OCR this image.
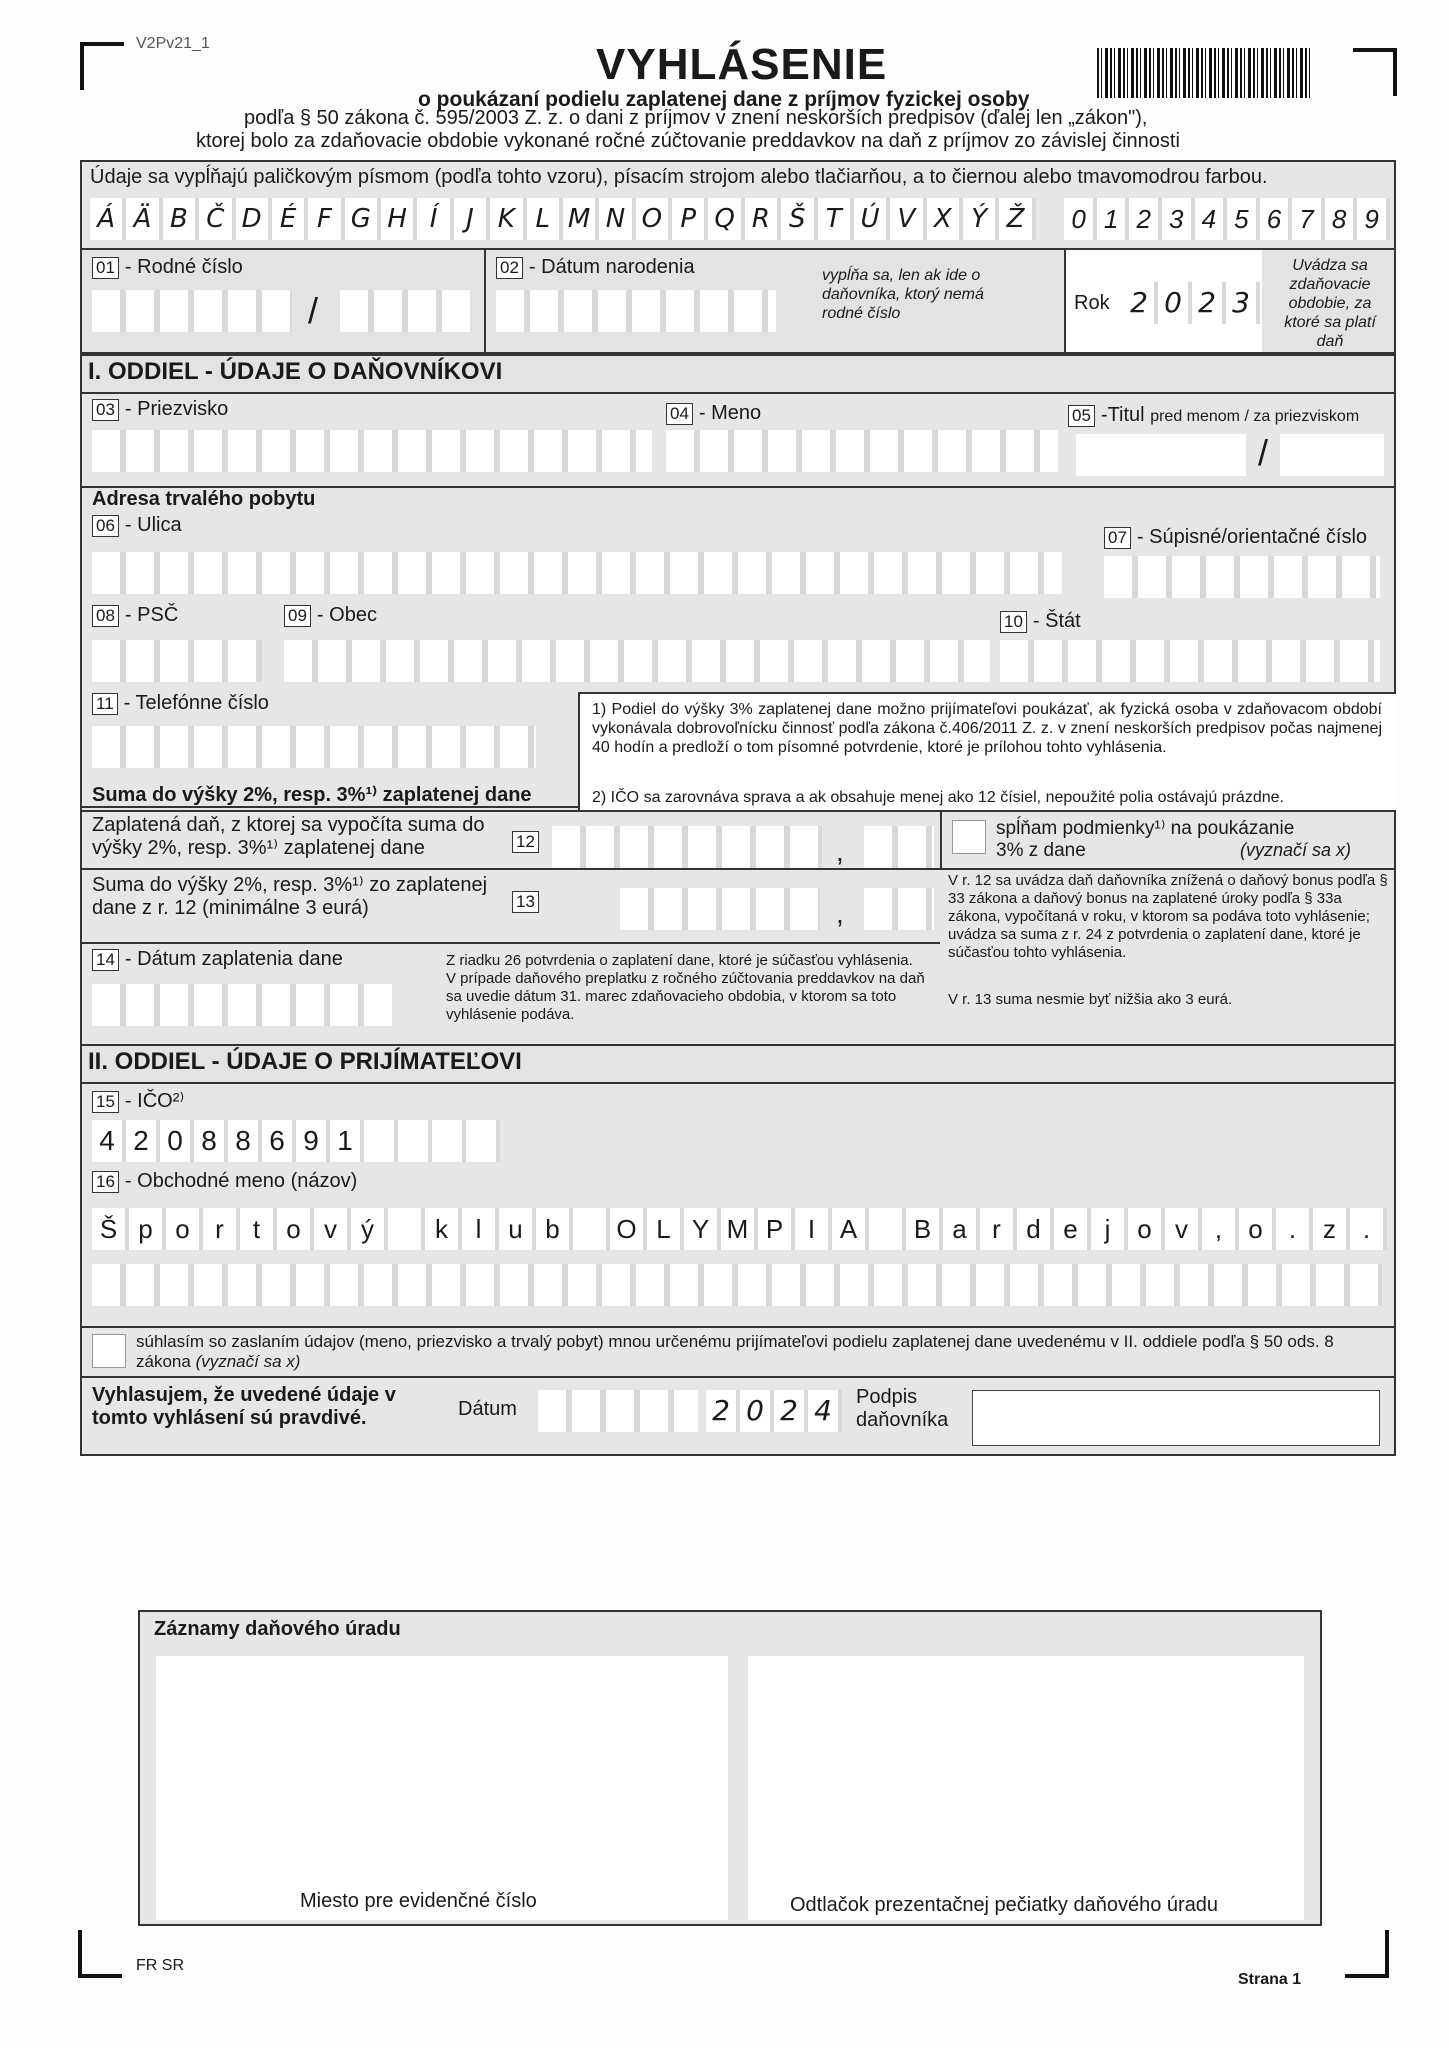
V2Pv21_1	VYHLÁSENIE
o poukázaní podielu zaplatenej dane z príjmov fyzickej osoby
podľa § 50 zákona č. 595/2003 Z. z. o dani z príjmov v znení neskorších predpisov (ďalej len „zákon"),
ktorej bolo za zdaňovacie obdobie vykonané ročné zúčtovanie preddavkov na daň z príjmov zo závislej činnosti
Údaje sa vypĺňajú paličkovým písmom (podľa tohto vzoru), písacím strojom alebo tlačiarňou, a to čiernou alebo tmavomodrou farbou.
Á Ä B Č D É F G H Í	J K L M N O P Q R Š T Ú V X Ý Ž	0 1 2 3 4 5 6 7 8 9
01 - Rodné číslo
/
02 - Dátum narodenia	vypĺňa sa, len ak ide o daňovníka, ktorý nemá rodné číslo	Rok 2 0 2 3
Uvádza sa zdaňovacie obdobie, za ktoré sa platí daň
I. ODDIEL - ÚDAJE O DAŇOVNÍKOVI
03 - Priezvisko	04 - Meno	05 -Titul pred menom / za priezviskom
/
Adresa trvalého pobytu
06 - Ulica
07 - Súpisné/orientačné číslo
08 - PSČ	09 - Obec	10 - Štát
11 - Telefónne číslo	1) Podiel do výšky 3% zaplatenej dane možno prijímateľovi poukázať, ak fyzická osoba v zdaňovacom období vykonávala dobrovoľnícku činnosť podľa zákona č.406/2011 Z. z. v znení neskorších predpisov počas najmenej 40 hodín a predloží o tom písomné potvrdenie, ktoré je prílohou tohto vyhlásenia.
2) IČO sa zarovnáva sprava a ak obsahuje menej ako 12 čísiel, nepoužité polia ostávajú prázdne.
Suma do výšky 2%, resp. 3%¹⁾ zaplatenej dane
Zaplatená daň, z ktorej sa vypočíta suma do výšky 2%, resp. 3%¹⁾ zaplatenej dane	12	,
spĺňam podmienky¹⁾ na poukázanie 3% z dane	(vyznačí sa x)
Suma do výšky 2%, resp. 3%¹⁾ zo zaplatenej dane z r. 12 (minimálne 3 eurá)	13	,
V r. 12 sa uvádza daň daňovníka znížená o daňový bonus podľa § 33 zákona a daňový bonus na zaplatené úroky podľa § 33a zákona, vypočítaná v roku, v ktorom sa podáva toto vyhlásenie; uvádza sa suma z r. 24 z potvrdenia o zaplatení dane, ktoré je súčasťou tohto vyhlásenia.
V r. 13 suma nesmie byť nižšia ako 3 eurá.
14 - Dátum zaplatenia dane	Z riadku 26 potvrdenia o zaplatení dane, ktoré je súčasťou vyhlásenia. V prípade daňového preplatku z ročného zúčtovania preddavkov na daň sa uvedie dátum 31. marec zdaňovacieho obdobia, v ktorom sa toto vyhlásenie podáva.
II. ODDIEL - ÚDAJE O PRIJÍMATEĽOVI
15 - IČO²⁾
4 2 0 8 8 6 9 1
16 - Obchodné meno (názov)
Š p o r	t	o v ý	k	l	u b	O L Y M P I A	B a r d e	j	o v	,	o	.	z	.
súhlasím so zaslaním údajov (meno, priezvisko a trvalý pobyt) mnou určenému prijímateľovi podielu zaplatenej dane uvedenému v II. oddiele podľa § 50 ods. 8 zákona (vyznačí sa x)
Vyhlasujem, že uvedené údaje v tomto vyhlásení sú pravdivé.	Dátum	2 0 2 4	Podpis daňovníka
Záznamy daňového úradu
Miesto pre evidenčné číslo	Odtlačok prezentačnej pečiatky daňového úradu
FR SR
Strana 1
